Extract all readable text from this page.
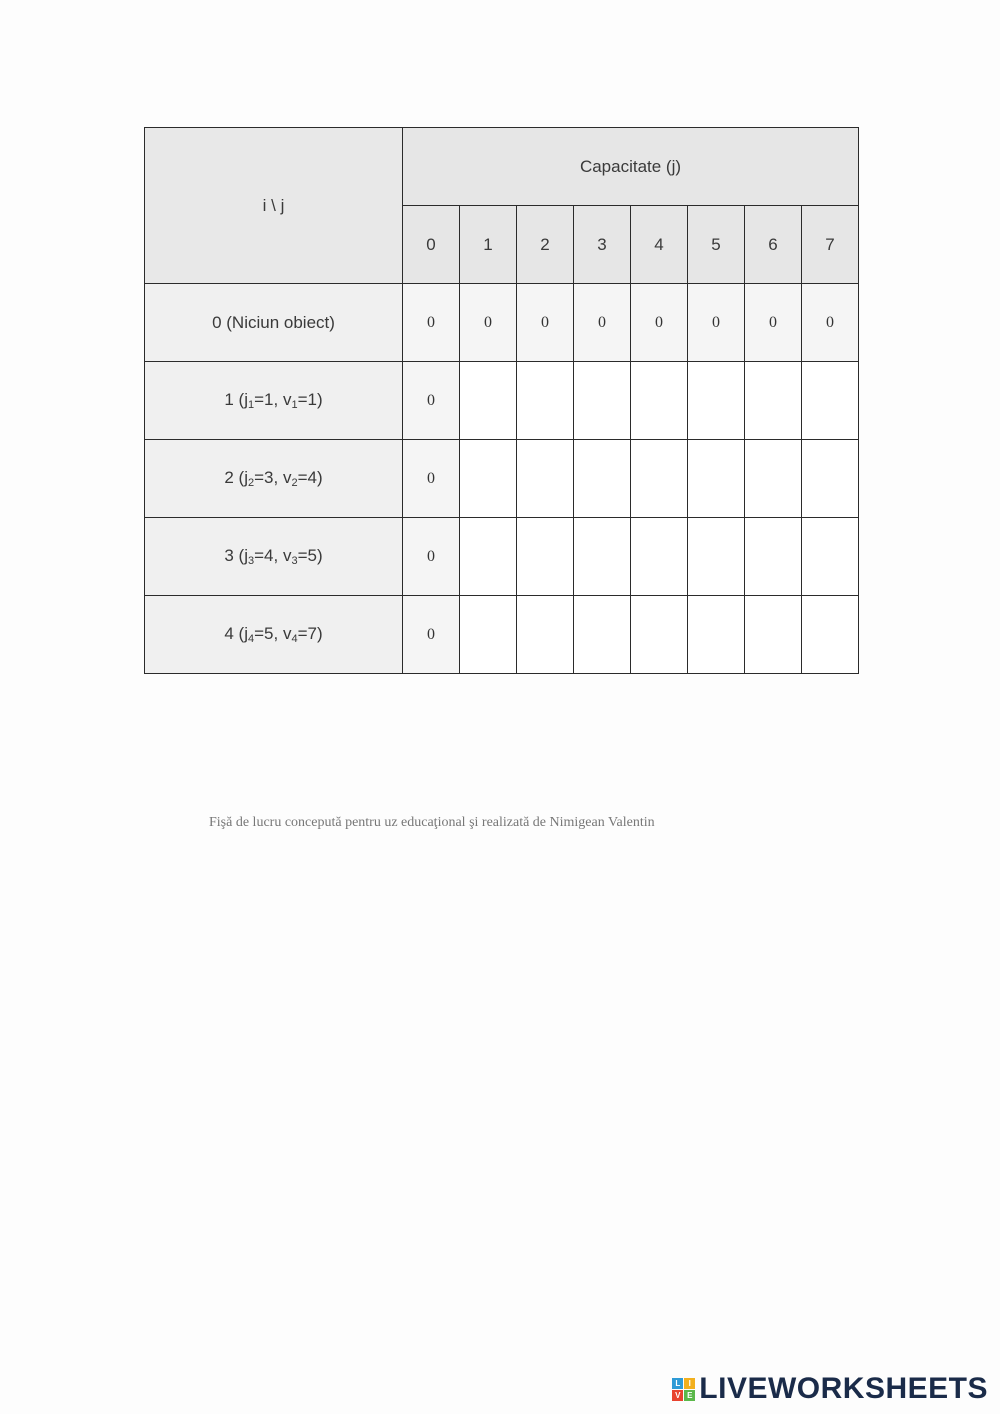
i \ j	Capacitate (j)							
	0	1	2	3	4	5	6	7
0 (Niciun obiect)	0	0	0	0	0	0	0	0
1 ($j_1=1$, $v_1=1$)	0							
2 ($j_2=3$, $v_2=4$)	0							
3 ($j_3=4$, $v_3=5$)	0							
4 ($j_4=5$, $v_4=7$)	0							
Fişă de lucru concepută pentru uz educaţional şi realizată de Nimigean Valentin
L	I
V E LIVEWORKSHEETS
